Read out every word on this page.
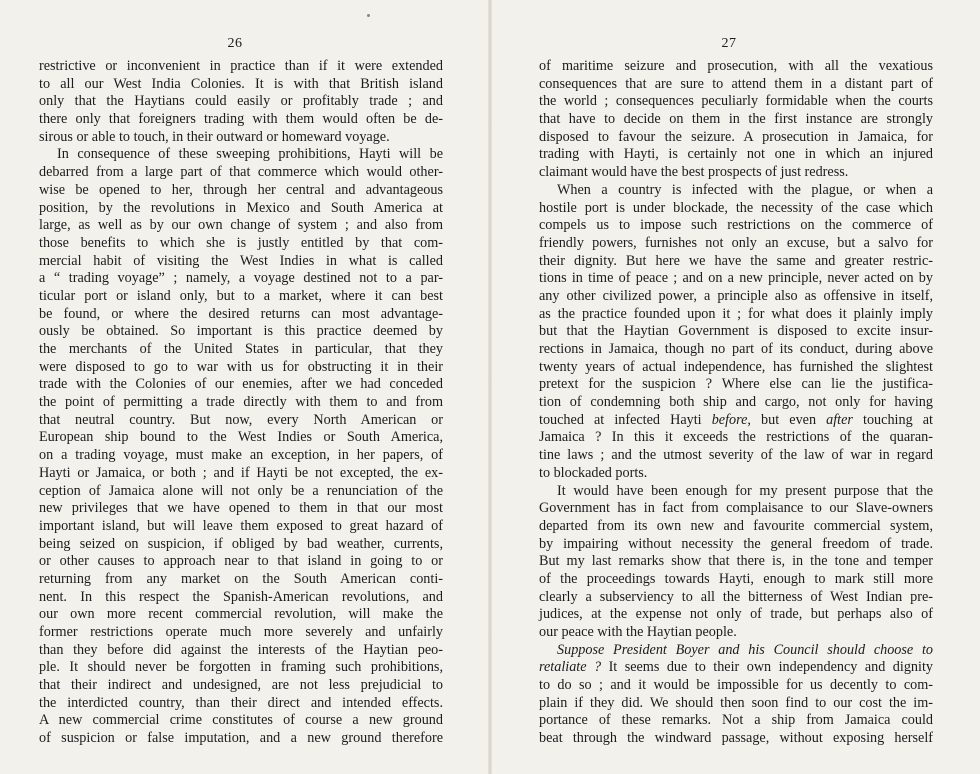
26
restrictive or inconvenient in practice than if it were extended
to all our West India Colonies. It is with that British island
only that the Haytians could easily or profitably trade ; and
there only that foreigners trading with them would often be de-
sirous or able to touch, in their outward or homeward voyage.
In consequence of these sweeping prohibitions, Hayti will be
debarred from a large part of that commerce which would other-
wise be opened to her, through her central and advantageous
position, by the revolutions in Mexico and South America at
large, as well as by our own change of system ; and also from
those benefits to which she is justly entitled by that com-
mercial habit of visiting the West Indies in what is called
a “ trading voyage” ; namely, a voyage destined not to a par-
ticular port or island only, but to a market, where it can best
be found, or where the desired returns can most advantage-
ously be obtained. So important is this practice deemed by
the merchants of the United States in particular, that they
were disposed to go to war with us for obstructing it in their
trade with the Colonies of our enemies, after we had conceded
the point of permitting a trade directly with them to and from
that neutral country. But now, every North American or
European ship bound to the West Indies or South America,
on a trading voyage, must make an exception, in her papers, of
Hayti or Jamaica, or both ; and if Hayti be not excepted, the ex-
ception of Jamaica alone will not only be a renunciation of the
new privileges that we have opened to them in that our most
important island, but will leave them exposed to great hazard of
being seized on suspicion, if obliged by bad weather, currents,
or other causes to approach near to that island in going to or
returning from any market on the South American conti-
nent. In this respect the Spanish-American revolutions, and
our own more recent commercial revolution, will make the
former restrictions operate much more severely and unfairly
than they before did against the interests of the Haytian peo-
ple. It should never be forgotten in framing such prohibitions,
that their indirect and undesigned, are not less prejudicial to
the interdicted country, than their direct and intended effects.
A new commercial crime constitutes of course a new ground
of suspicion or false imputation, and a new ground therefore
27
of maritime seizure and prosecution, with all the vexatious
consequences that are sure to attend them in a distant part of
the world ; consequences peculiarly formidable when the courts
that have to decide on them in the first instance are strongly
disposed to favour the seizure. A prosecution in Jamaica, for
trading with Hayti, is certainly not one in which an injured
claimant would have the best prospects of just redress.
When a country is infected with the plague, or when a
hostile port is under blockade, the necessity of the case which
compels us to impose such restrictions on the commerce of
friendly powers, furnishes not only an excuse, but a salvo for
their dignity. But here we have the same and greater restric-
tions in time of peace ; and on a new principle, never acted on by
any other civilized power, a principle also as offensive in itself,
as the practice founded upon it ; for what does it plainly imply
but that the Haytian Government is disposed to excite insur-
rections in Jamaica, though no part of its conduct, during above
twenty years of actual independence, has furnished the slightest
pretext for the suspicion ? Where else can lie the justifica-
tion of condemning both ship and cargo, not only for having
touched at infected Hayti before, but even after touching at
Jamaica ? In this it exceeds the restrictions of the quaran-
tine laws ; and the utmost severity of the law of war in regard
to blockaded ports.
It would have been enough for my present purpose that the
Government has in fact from complaisance to our Slave-owners
departed from its own new and favourite commercial system,
by impairing without necessity the general freedom of trade.
But my last remarks show that there is, in the tone and temper
of the proceedings towards Hayti, enough to mark still more
clearly a subserviency to all the bitterness of West Indian pre-
judices, at the expense not only of trade, but perhaps also of
our peace with the Haytian people.
Suppose President Boyer and his Council should choose to
retaliate ? It seems due to their own independency and dignity
to do so ; and it would be impossible for us decently to com-
plain if they did. We should then soon find to our cost the im-
portance of these remarks. Not a ship from Jamaica could
beat through the windward passage, without exposing herself
